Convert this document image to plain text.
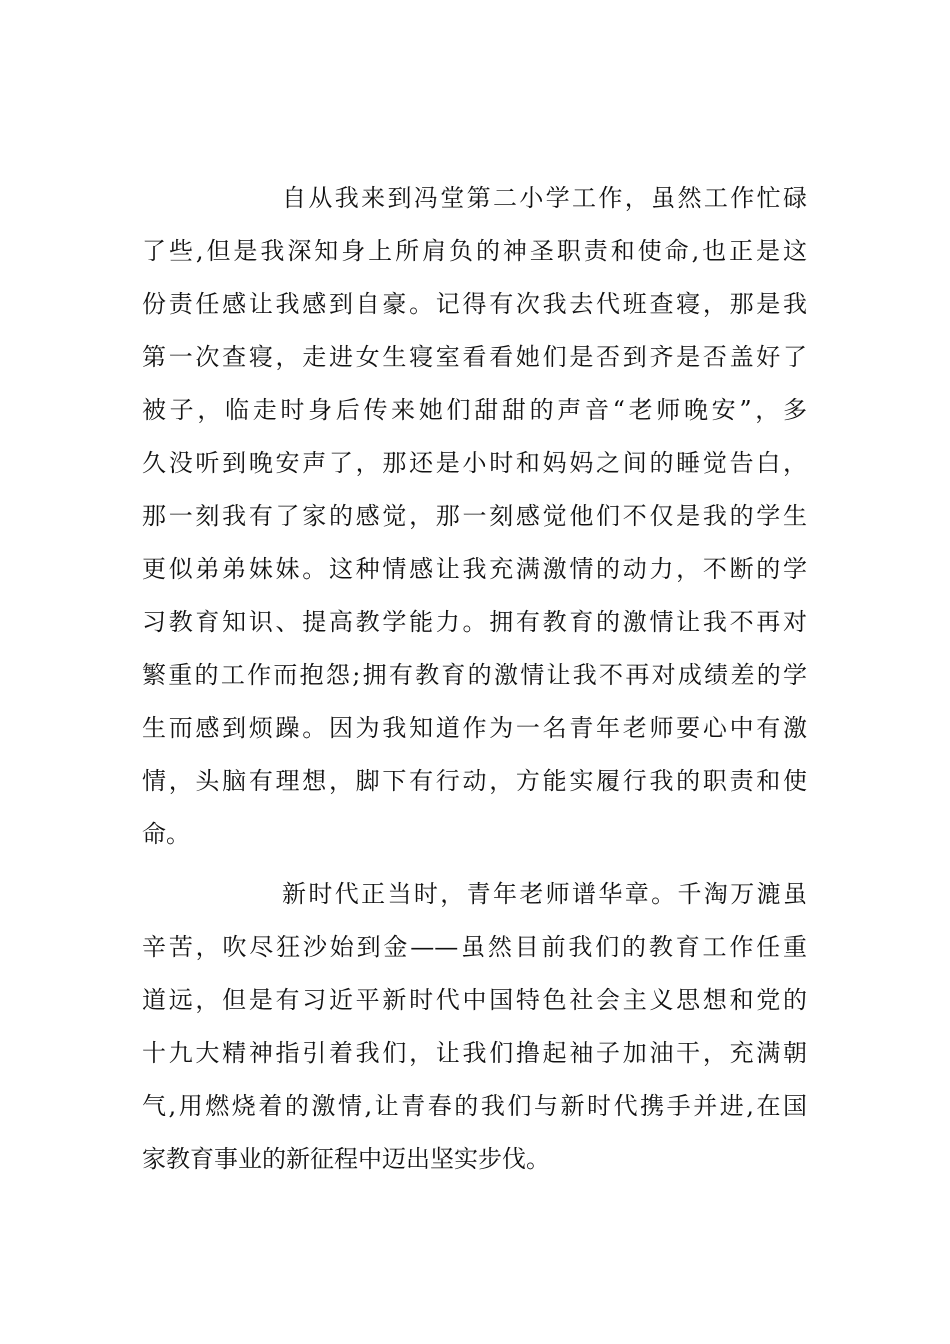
自从我来到冯堂第二小学工作，虽然工作忙碌
了些,但是我深知身上所肩负的神圣职责和使命,也正是这
份责任感让我感到自豪。记得有次我去代班查寝，那是我
第一次查寝，走进女生寝室看看她们是否到齐是否盖好了
被子，临走时身后传来她们甜甜的声音“老师晚安”，多
久没听到晚安声了，那还是小时和妈妈之间的睡觉告白，
那一刻我有了家的感觉，那一刻感觉他们不仅是我的学生
更似弟弟妹妹。这种情感让我充满激情的动力，不断的学
习教育知识、提高教学能力。拥有教育的激情让我不再对
繁重的工作而抱怨;拥有教育的激情让我不再对成绩差的学
生而感到烦躁。因为我知道作为一名青年老师要心中有激
情，头脑有理想，脚下有行动，方能实履行我的职责和使
命。
新时代正当时，青年老师谱华章。千淘万漉虽
辛苦，吹尽狂沙始到金——虽然目前我们的教育工作任重
道远，但是有习近平新时代中国特色社会主义思想和党的
十九大精神指引着我们，让我们撸起袖子加油干，充满朝
气,用燃烧着的激情,让青春的我们与新时代携手并进,在国
家教育事业的新征程中迈出坚实步伐。
